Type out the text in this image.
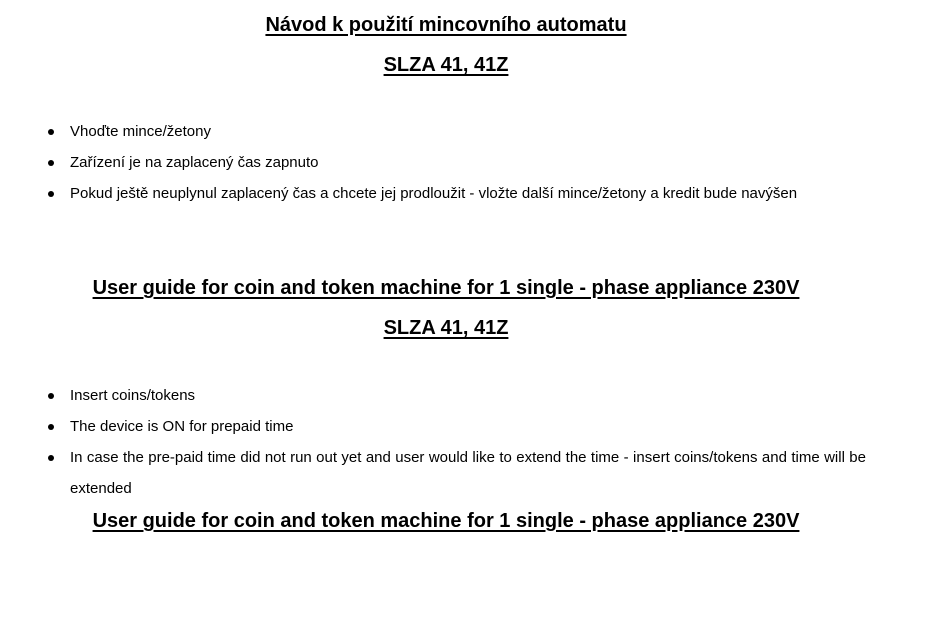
Návod k použití mincovního automatu
SLZA 41, 41Z
Vhoďte mince/žetony
Zařízení je na zaplacený čas zapnuto
Pokud ještě neuplynul zaplacený čas a chcete jej prodloužit - vložte další mince/žetony a kredit bude navýšen
User guide for coin and token machine for 1 single - phase appliance 230V
SLZA 41, 41Z
Insert coins/tokens
The device is ON for prepaid time
In case the pre-paid time did not run out yet and user would like to extend the time - insert coins/tokens and time will be extended
User guide for coin and token machine for 1 single - phase appliance 230V
